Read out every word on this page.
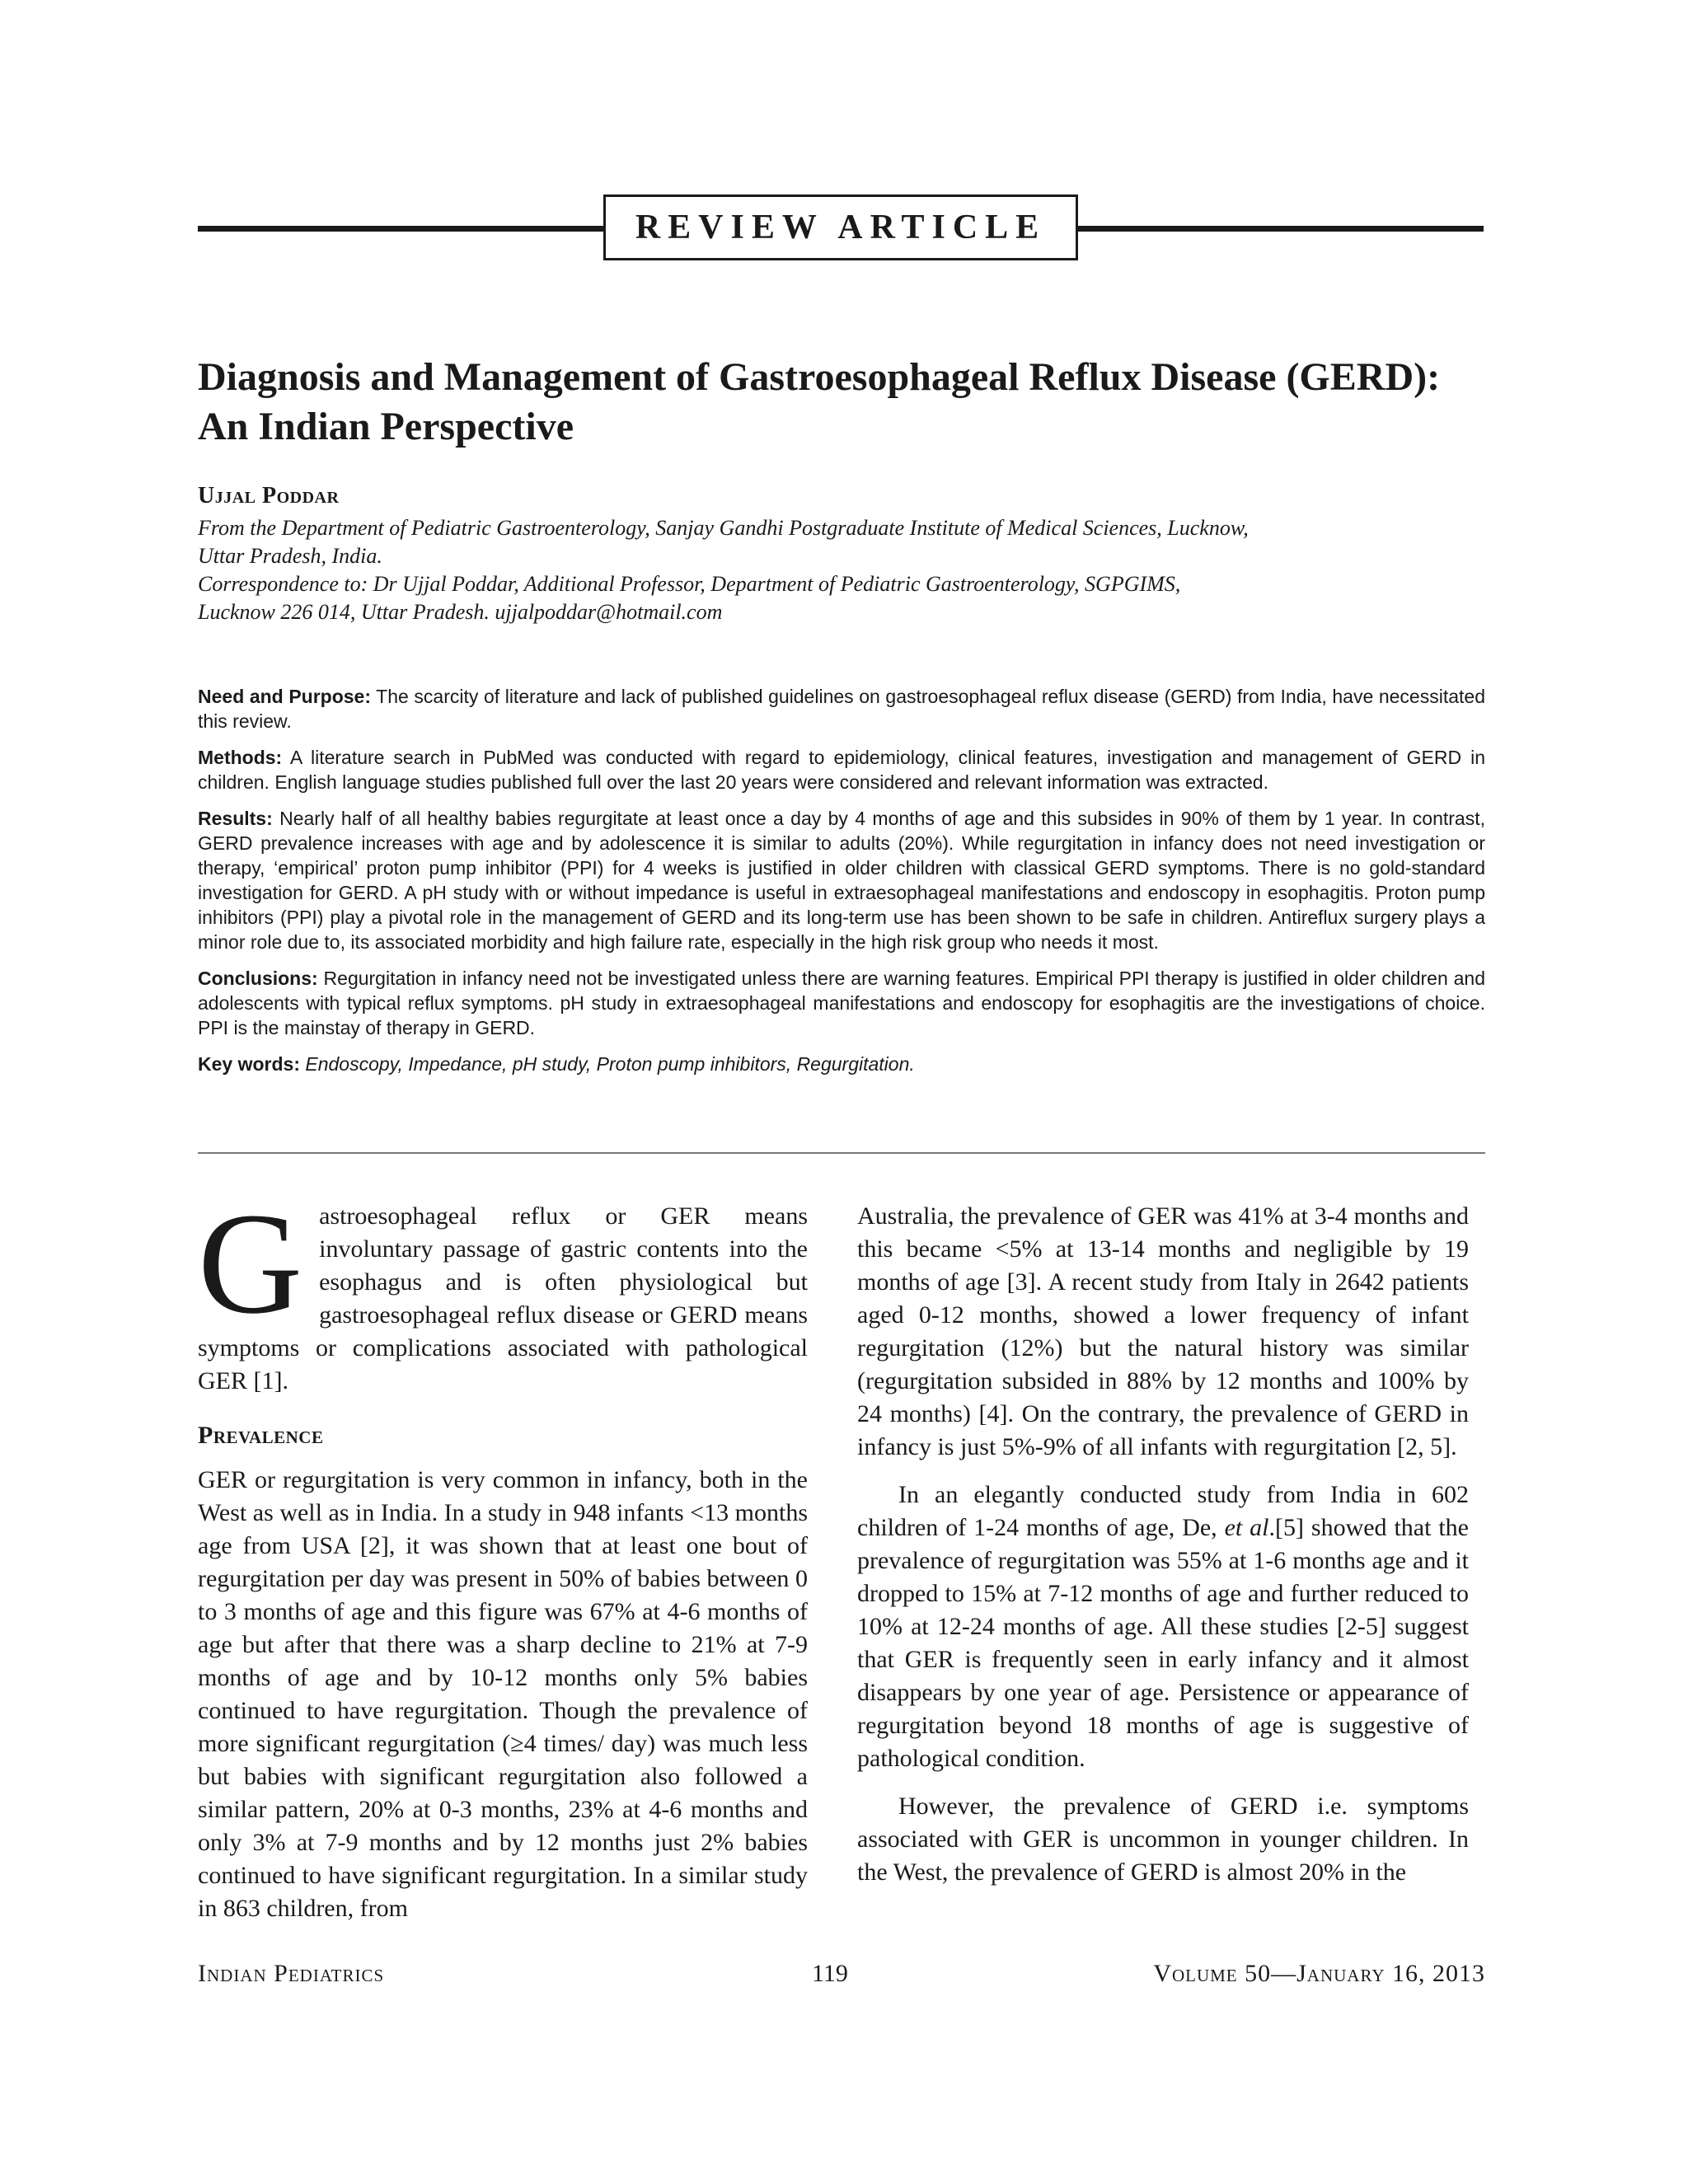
REVIEW ARTICLE
Diagnosis and Management of Gastroesophageal Reflux Disease (GERD):
An Indian Perspective
Ujjal Poddar
From the Department of Pediatric Gastroenterology, Sanjay Gandhi Postgraduate Institute of Medical Sciences, Lucknow,
Uttar Pradesh, India.
Correspondence to: Dr Ujjal Poddar, Additional Professor, Department of Pediatric Gastroenterology, SGPGIMS,
Lucknow 226 014, Uttar Pradesh. ujjalpoddar@hotmail.com

Need and Purpose: The scarcity of literature and lack of published guidelines on gastroesophageal reflux disease (GERD) from India, have necessitated this review.

Methods: A literature search in PubMed was conducted with regard to epidemiology, clinical features, investigation and management of GERD in children. English language studies published full over the last 20 years were considered and relevant information was extracted.

Results: Nearly half of all healthy babies regurgitate at least once a day by 4 months of age and this subsides in 90% of them by 1 year. In contrast, GERD prevalence increases with age and by adolescence it is similar to adults (20%). While regurgitation in infancy does not need investigation or therapy, ‘empirical’ proton pump inhibitor (PPI) for 4 weeks is justified in older children with classical GERD symptoms. There is no gold-standard investigation for GERD. A pH study with or without impedance is useful in extraesophageal manifestations and endoscopy in esophagitis. Proton pump inhibitors (PPI) play a pivotal role in the management of GERD and its long-term use has been shown to be safe in children. Antireflux surgery plays a minor role due to, its associated morbidity and high failure rate, especially in the high risk group who needs it most.

Conclusions: Regurgitation in infancy need not be investigated unless there are warning features. Empirical PPI therapy is justified in older children and adolescents with typical reflux symptoms. pH study in extraesophageal manifestations and endoscopy for esophagitis are the investigations of choice. PPI is the mainstay of therapy in GERD.

Key words: Endoscopy, Impedance, pH study, Proton pump inhibitors, Regurgitation.

Gastroesophageal reflux or GER means involuntary passage of gastric contents into the esophagus and is often physiological but gastroesophageal reflux disease or GERD means symptoms or complications associated with pathological GER [1].

Prevalence

GER or regurgitation is very common in infancy, both in the West as well as in India. In a study in 948 infants <13 months age from USA [2], it was shown that at least one bout of regurgitation per day was present in 50% of babies between 0 to 3 months of age and this figure was 67% at 4-6 months of age but after that there was a sharp decline to 21% at 7-9 months of age and by 10-12 months only 5% babies continued to have regurgitation. Though the prevalence of more significant regurgitation (≥4 times/ day) was much less but babies with significant regurgitation also followed a similar pattern, 20% at 0-3 months, 23% at 4-6 months and only 3% at 7-9 months and by 12 months just 2% babies continued to have significant regurgitation. In a similar study in 863 children, from

Australia, the prevalence of GER was 41% at 3-4 months and this became <5% at 13-14 months and negligible by 19 months of age [3]. A recent study from Italy in 2642 patients aged 0-12 months, showed a lower frequency of infant regurgitation (12%) but the natural history was similar (regurgitation subsided in 88% by 12 months and 100% by 24 months) [4]. On the contrary, the prevalence of GERD in infancy is just 5%-9% of all infants with regurgitation [2, 5].

In an elegantly conducted study from India in 602 children of 1-24 months of age, De, et al.[5] showed that the prevalence of regurgitation was 55% at 1-6 months age and it dropped to 15% at 7-12 months of age and further reduced to 10% at 12-24 months of age. All these studies [2-5] suggest that GER is frequently seen in early infancy and it almost disappears by one year of age. Persistence or appearance of regurgitation beyond 18 months of age is suggestive of pathological condition.

However, the prevalence of GERD i.e. symptoms associated with GER is uncommon in younger children. In the West, the prevalence of GERD is almost 20% in the

Indian Pediatrics	119	Volume 50—January 16, 2013
